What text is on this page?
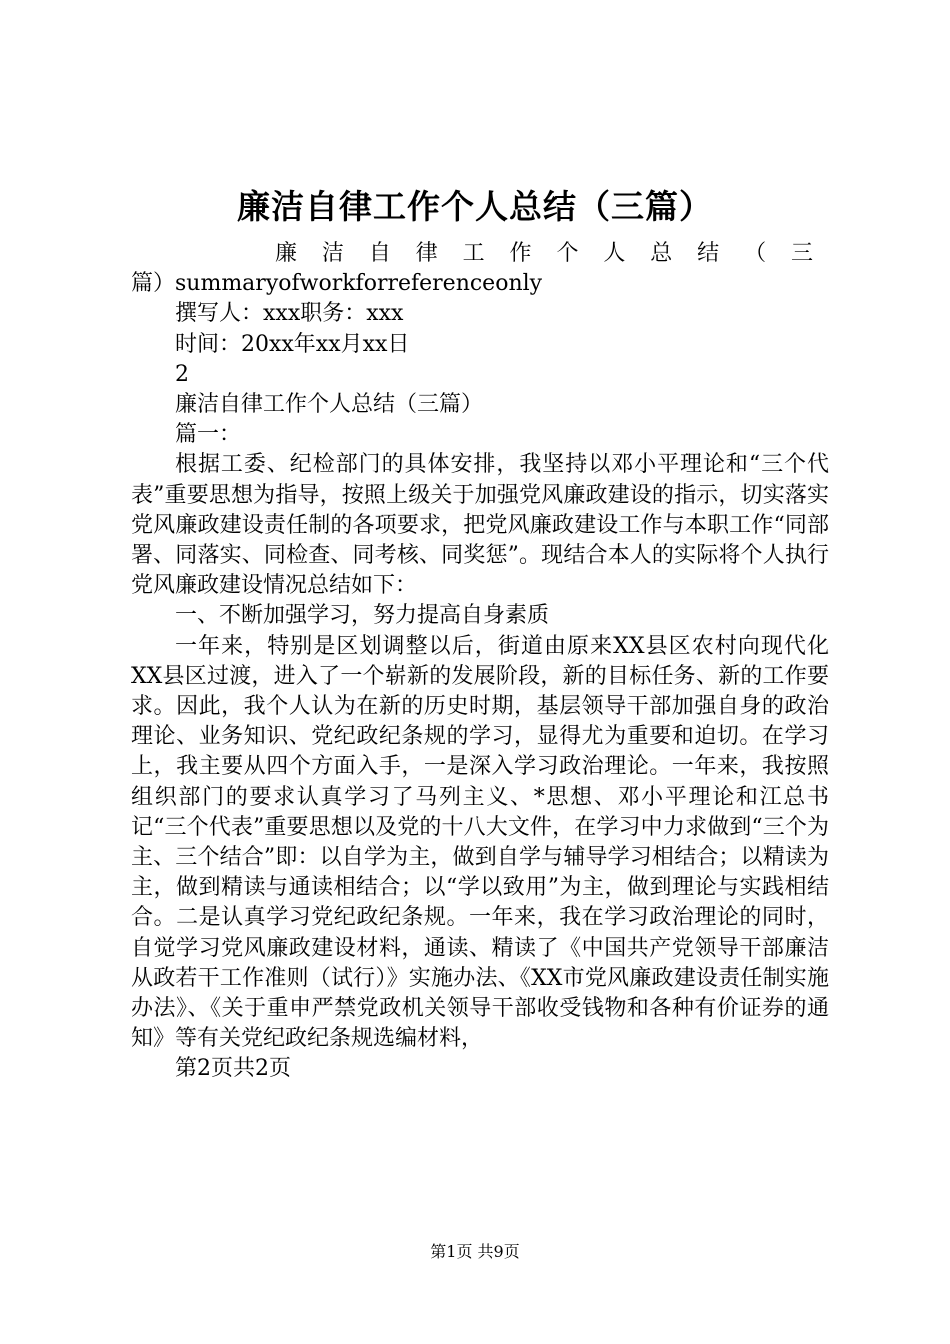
廉洁自律工作个人总结（三篇）

廉洁自律工作个人总结（三

篇）summaryofworkforreferenceonly

撰写人：xxx职务：xxx

时间：20xx年xx月xx日

2

廉洁自律工作个人总结（三篇）

篇一：

根据工委、纪检部门的具体安排，我坚持以邓小平理论和“三个代表”重要思想为指导，按照上级关于加强党风廉政建设的指示，切实落实党风廉政建设责任制的各项要求，把党风廉政建设工作与本职工作“同部署、同落实、同检查、同考核、同奖惩”。现结合本人的实际将个人执行党风廉政建设情况总结如下：

一、不断加强学习，努力提高自身素质

一年来，特别是区划调整以后，街道由原来XX县区农村向现代化XX县区过渡，进入了一个崭新的发展阶段，新的目标任务、新的工作要求。因此，我个人认为在新的历史时期，基层领导干部加强自身的政治理论、业务知识、党纪政纪条规的学习，显得尤为重要和迫切。在学习上，我主要从四个方面入手，一是深入学习政治理论。一年来，我按照组织部门的要求认真学习了马列主义、*思想、邓小平理论和江总书记“三个代表”重要思想以及党的十八大文件，在学习中力求做到“三个为主、三个结合”即：以自学为主，做到自学与辅导学习相结合；以精读为主，做到精读与通读相结合；以“学以致用”为主，做到理论与实践相结合。二是认真学习党纪政纪条规。一年来，我在学习政治理论的同时，自觉学习党风廉政建设材料，通读、精读了《中国共产党领导干部廉洁从政若干工作准则（试行）》实施办法、《XX市党风廉政建设责任制实施办法》、《关于重申严禁党政机关领导干部收受钱物和各种有价证券的通知》等有关党纪政纪条规选编材料，

第2页共2页

第1页 共9页
